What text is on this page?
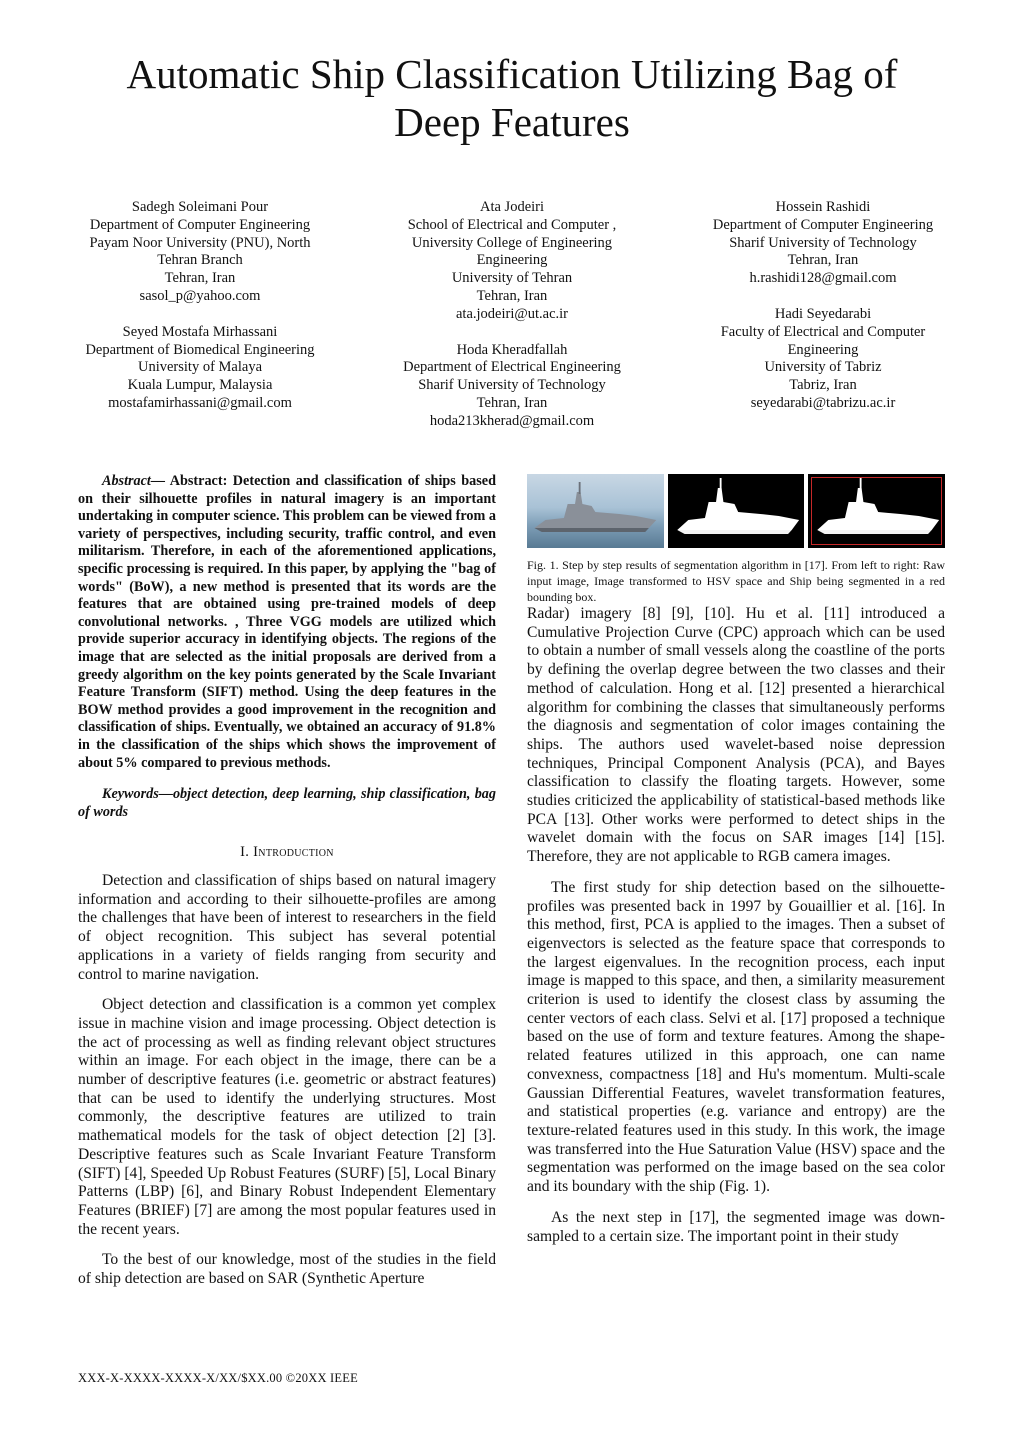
Automatic Ship Classification Utilizing Bag of
Deep Features
Sadegh Soleimani Pour
Department of Computer Engineering
Payam Noor University (PNU), North
Tehran Branch
Tehran, Iran
sasol_p@yahoo.com
Seyed Mostafa Mirhassani
Department of Biomedical Engineering
University of Malaya
Kuala Lumpur, Malaysia
mostafamirhassani@gmail.com
Ata Jodeiri
School of Electrical and Computer ,
University College of Engineering
Engineering
University of Tehran
Tehran, Iran
ata.jodeiri@ut.ac.ir
Hoda Kheradfallah
Department of Electrical Engineering
Sharif University of Technology
Tehran, Iran
hoda213kherad@gmail.com
Hossein Rashidi
Department of Computer Engineering
Sharif University of Technology
Tehran, Iran
h.rashidi128@gmail.com
Hadi Seyedarabi
Faculty of Electrical and Computer
Engineering
University of Tabriz
Tabriz, Iran
seyedarabi@tabrizu.ac.ir

Abstract— Abstract: Detection and classification of ships based on their silhouette profiles in natural imagery is an important undertaking in computer science. This problem can be viewed from a variety of perspectives, including security, traffic control, and even militarism. Therefore, in each of the aforementioned applications, specific processing is required. In this paper, by applying the "bag of words" (BoW), a new method is presented that its words are the features that are obtained using pre-trained models of deep convolutional networks. , Three VGG models are utilized which provide superior accuracy in identifying objects. The regions of the image that are selected as the initial proposals are derived from a greedy algorithm on the key points generated by the Scale Invariant Feature Transform (SIFT) method. Using the deep features in the BOW method provides a good improvement in the recognition and classification of ships. Eventually, we obtained an accuracy of 91.8% in the classification of the ships which shows the improvement of about 5% compared to previous methods.

Keywords—object detection, deep learning, ship classification, bag of words

I. Introduction

Detection and classification of ships based on natural imagery information and according to their silhouette-profiles are among the challenges that have been of interest to researchers in the field of object recognition. This subject has several potential applications in a variety of fields ranging from security and control to marine navigation.

Object detection and classification is a common yet complex issue in machine vision and image processing. Object detection is the act of processing as well as finding relevant object structures within an image. For each object in the image, there can be a number of descriptive features (i.e. geometric or abstract features) that can be used to identify the underlying structures. Most commonly, the descriptive features are utilized to train mathematical models for the task of object detection [2] [3]. Descriptive features such as Scale Invariant Feature Transform (SIFT) [4], Speeded Up Robust Features (SURF) [5], Local Binary Patterns (LBP) [6], and Binary Robust Independent Elementary Features (BRIEF) [7] are among the most popular features used in the recent years.

To the best of our knowledge, most of the studies in the field of ship detection are based on SAR (Synthetic Aperture

Fig. 1. Step by step results of segmentation algorithm in [17]. From left to right: Raw input image, Image transformed to HSV space and Ship being segmented in a red bounding box.

Radar) imagery [8] [9], [10]. Hu et al. [11] introduced a Cumulative Projection Curve (CPC) approach which can be used to obtain a number of small vessels along the coastline of the ports by defining the overlap degree between the two classes and their method of calculation. Hong et al. [12] presented a hierarchical algorithm for combining the classes that simultaneously performs the diagnosis and segmentation of color images containing the ships. The authors used wavelet-based noise depression techniques, Principal Component Analysis (PCA), and Bayes classification to classify the floating targets. However, some studies criticized the applicability of statistical-based methods like PCA [13]. Other works were performed to detect ships in the wavelet domain with the focus on SAR images [14] [15]. Therefore, they are not applicable to RGB camera images.

The first study for ship detection based on the silhouette-profiles was presented back in 1997 by Gouaillier et al. [16]. In this method, first, PCA is applied to the images. Then a subset of eigenvectors is selected as the feature space that corresponds to the largest eigenvalues. In the recognition process, each input image is mapped to this space, and then, a similarity measurement criterion is used to identify the closest class by assuming the center vectors of each class. Selvi et al. [17] proposed a technique based on the use of form and texture features. Among the shape-related features utilized in this approach, one can name convexness, compactness [18] and Hu's momentum. Multi-scale Gaussian Differential Features, wavelet transformation features, and statistical properties (e.g. variance and entropy) are the texture-related features used in this study. In this work, the image was transferred into the Hue Saturation Value (HSV) space and the segmentation was performed on the image based on the sea color and its boundary with the ship (Fig. 1).

As the next step in [17], the segmented image was down-sampled to a certain size. The important point in their study

XXX-X-XXXX-XXXX-X/XX/$XX.00 ©20XX IEEE
